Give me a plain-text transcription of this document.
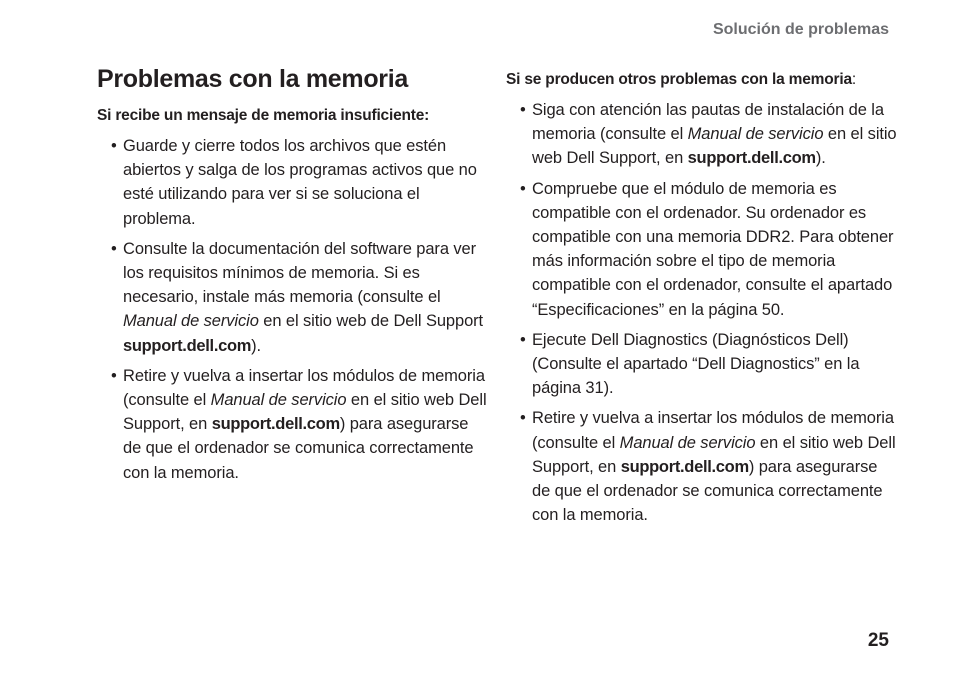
Solución de problemas
Problemas con la memoria

Si recibe un mensaje de memoria insuficiente:

• Guarde y cierre todos los archivos que estén abiertos y salga de los programas activos que no esté utilizando para ver si se soluciona el problema.
• Consulte la documentación del software para ver los requisitos mínimos de memoria. Si es necesario, instale más memoria (consulte el Manual de servicio en el sitio web de Dell Support support.dell.com).
• Retire y vuelva a insertar los módulos de memoria (consulte el Manual de servicio en el sitio web Dell Support, en support.dell.com) para asegurarse de que el ordenador se comunica correctamente con la memoria.

Si se producen otros problemas con la memoria:

• Siga con atención las pautas de instalación de la memoria (consulte el Manual de servicio en el sitio web Dell Support, en support.dell.com).
• Compruebe que el módulo de memoria es compatible con el ordenador. Su ordenador es compatible con una memoria DDR2. Para obtener más información sobre el tipo de memoria compatible con el ordenador, consulte el apartado “Especificaciones” en la página 50.
• Ejecute Dell Diagnostics (Diagnósticos Dell) (Consulte el apartado “Dell Diagnostics” en la página 31).
• Retire y vuelva a insertar los módulos de memoria (consulte el Manual de servicio en el sitio web Dell Support, en support.dell.com) para asegurarse de que el ordenador se comunica correctamente con la memoria.
25
